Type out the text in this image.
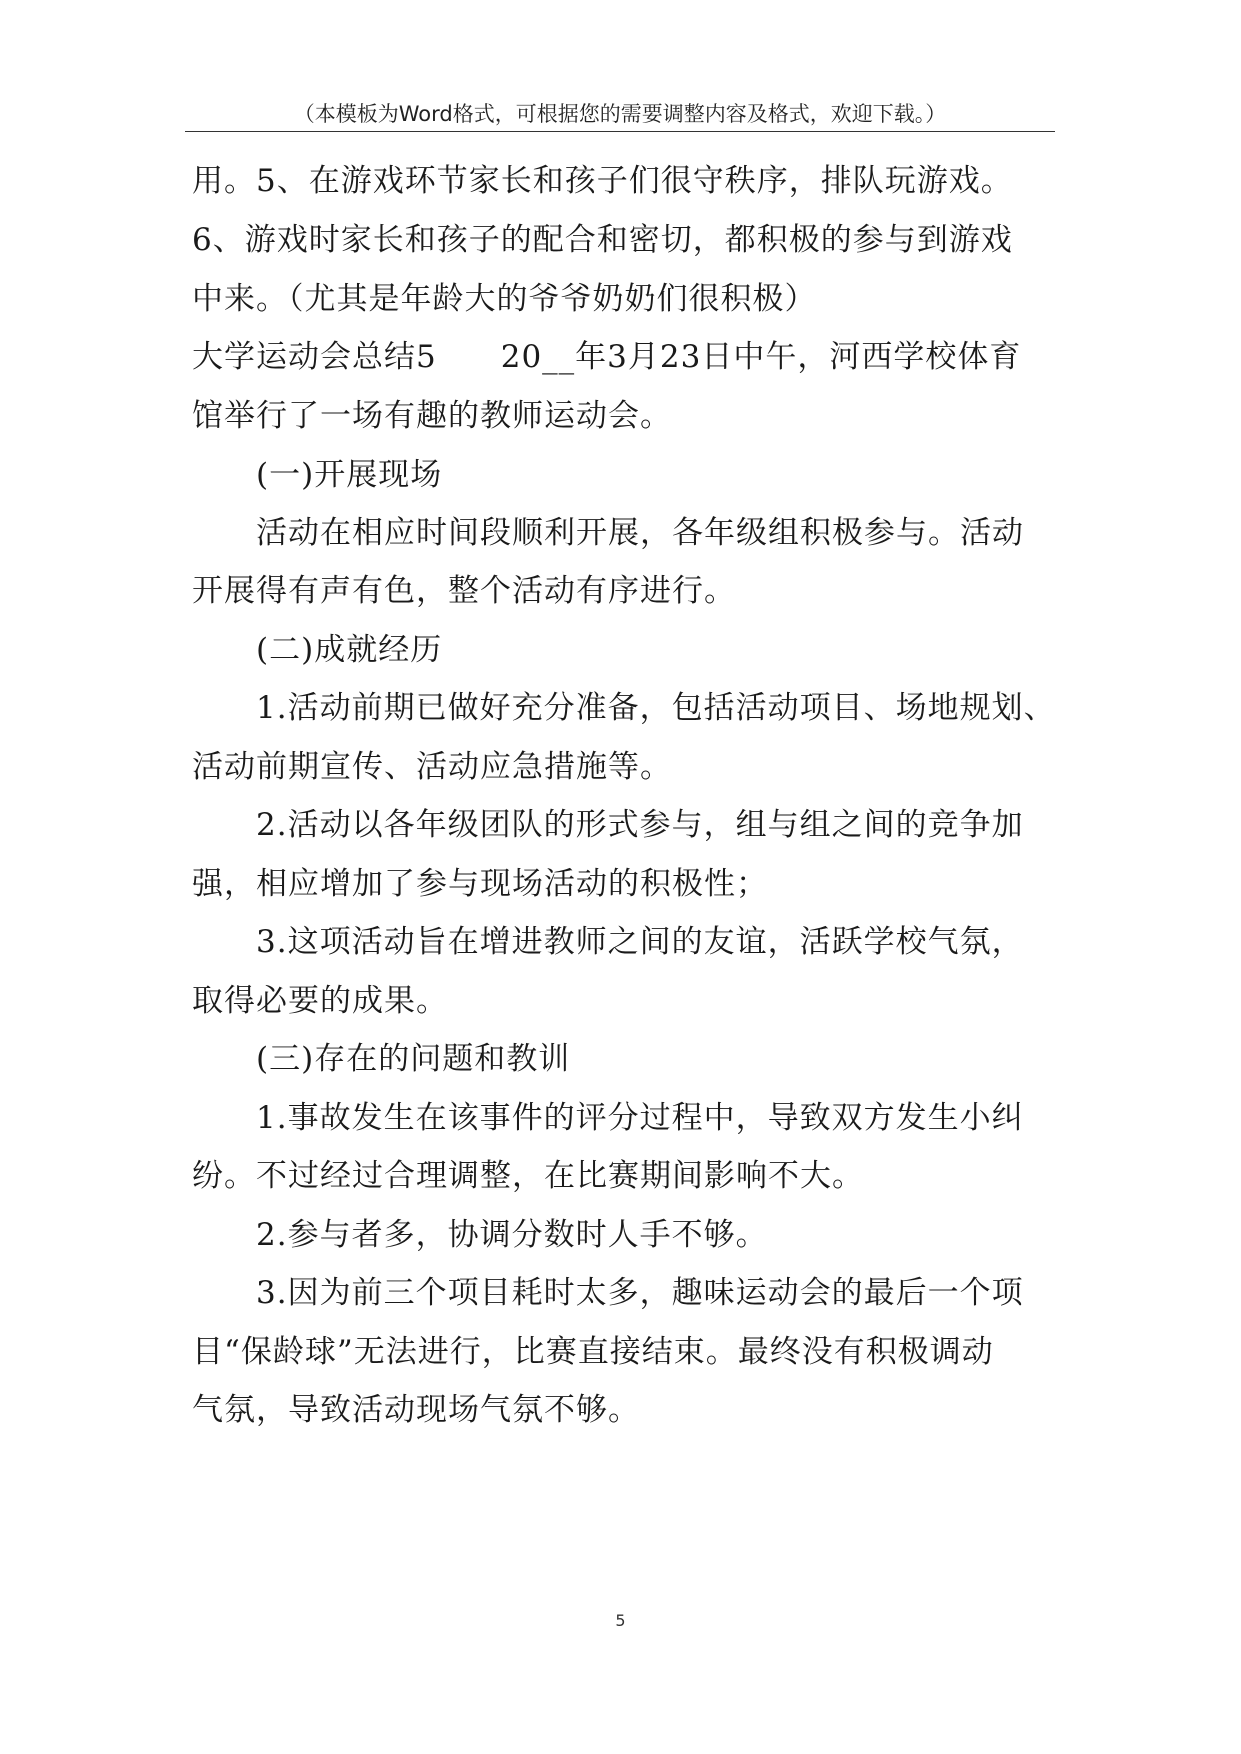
（本模板为Word格式，可根据您的需要调整内容及格式，欢迎下载。）
用。5、在游戏环节家长和孩子们很守秩序，排队玩游戏。
6、游戏时家长和孩子的配合和密切，都积极的参与到游戏
中来。（尤其是年龄大的爷爷奶奶们很积极）
大学运动会总结5　　20__年3月23日中午，河西学校体育
馆举行了一场有趣的教师运动会。
(一)开展现场
活动在相应时间段顺利开展，各年级组积极参与。活动
开展得有声有色，整个活动有序进行。
(二)成就经历
1.活动前期已做好充分准备，包括活动项目、场地规划、
活动前期宣传、活动应急措施等。
2.活动以各年级团队的形式参与，组与组之间的竞争加
强，相应增加了参与现场活动的积极性；
3.这项活动旨在增进教师之间的友谊，活跃学校气氛，
取得必要的成果。
(三)存在的问题和教训
1.事故发生在该事件的评分过程中，导致双方发生小纠
纷。不过经过合理调整，在比赛期间影响不大。
2.参与者多，协调分数时人手不够。
3.因为前三个项目耗时太多，趣味运动会的最后一个项
目“保龄球”无法进行，比赛直接结束。最终没有积极调动
气氛，导致活动现场气氛不够。
5
